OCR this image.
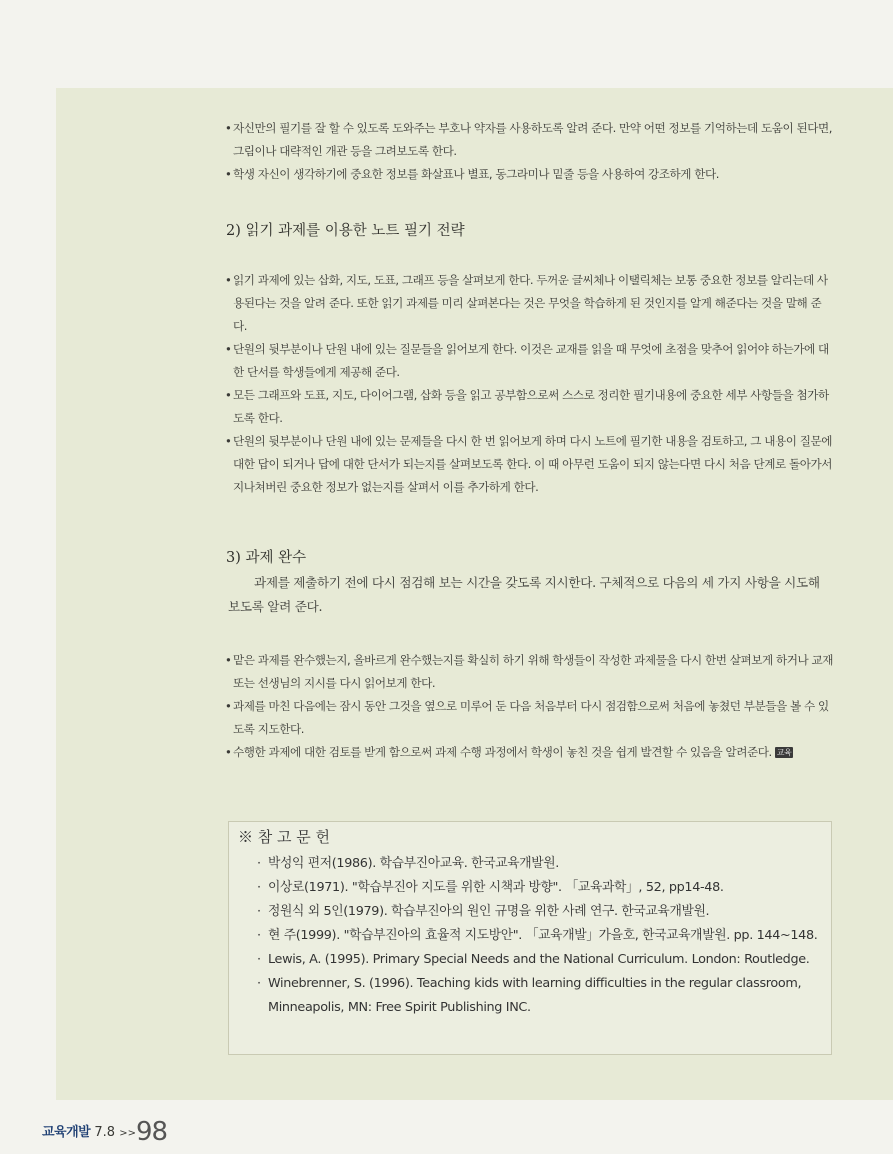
• 자신만의 필기를 잘 할 수 있도록 도와주는 부호나 약자를 사용하도록 알려 준다. 만약 어떤 정보를 기억하는데 도움이 된다면, 그림이나 대략적인 개관 등을 그려보도록 한다.
• 학생 자신이 생각하기에 중요한 정보를 화살표나 별표, 동그라미나 밑줄 등을 사용하여 강조하게 한다.
2) 읽기 과제를 이용한 노트 필기 전략
• 읽기 과제에 있는 삽화, 지도, 도표, 그래프 등을 살펴보게 한다. 두꺼운 글씨체나 이탤릭체는 보통 중요한 정보를 알리는데 사용된다는 것을 알려 준다. 또한 읽기 과제를 미리 살펴본다는 것은 무엇을 학습하게 된 것인지를 알게 해준다는 것을 말해 준다.
• 단원의 뒷부분이나 단원 내에 있는 질문들을 읽어보게 한다. 이것은 교재를 읽을 때 무엇에 초점을 맞추어 읽어야 하는가에 대한 단서를 학생들에게 제공해 준다.
• 모든 그래프와 도표, 지도, 다이어그램, 삽화 등을 읽고 공부함으로써 스스로 정리한 필기내용에 중요한 세부 사항들을 첨가하도록 한다.
• 단원의 뒷부분이나 단원 내에 있는 문제들을 다시 한 번 읽어보게 하며 다시 노트에 필기한 내용을 검토하고, 그 내용이 질문에 대한 답이 되거나 답에 대한 단서가 되는지를 살펴보도록 한다. 이 때 아무런 도움이 되지 않는다면 다시 처음 단계로 돌아가서 지나쳐버린 중요한 정보가 없는지를 살펴서 이를 추가하게 한다.
3) 과제 완수
과제를 제출하기 전에 다시 점검해 보는 시간을 갖도록 지시한다. 구체적으로 다음의 세 가지 사항을 시도해 보도록 알려 준다.
• 맡은 과제를 완수했는지, 올바르게 완수했는지를 확실히 하기 위해 학생들이 작성한 과제물을 다시 한번 살펴보게 하거나 교재 또는 선생님의 지시를 다시 읽어보게 한다.
• 과제를 마친 다음에는 잠시 동안 그것을 옆으로 미루어 둔 다음 처음부터 다시 점검함으로써 처음에 놓쳤던 부분들을 볼 수 있도록 지도한다.
• 수행한 과제에 대한 검토를 받게 함으로써 과제 수행 과정에서 학생이 놓친 것을 쉽게 발견할 수 있음을 알려준다. 교육
※ 참 고 문 헌
· 박성익 편저(1986). 학습부진아교육. 한국교육개발원.
· 이상로(1971). "학습부진아 지도를 위한 시책과 방향". 「교육과학」, 52, pp14-48.
· 정원식 외 5인(1979). 학습부진아의 원인 규명을 위한 사례 연구. 한국교육개발원.
· 현 주(1999). "학습부진아의 효율적 지도방안". 「교육개발」가을호, 한국교육개발원. pp. 144~148.
· Lewis, A. (1995). Primary Special Needs and the National Curriculum. London: Routledge.
· Winebrenner, S. (1996). Teaching kids with learning difficulties in the regular classroom, Minneapolis, MN: Free Spirit Publishing INC.
교육개발 7.8 >>98
